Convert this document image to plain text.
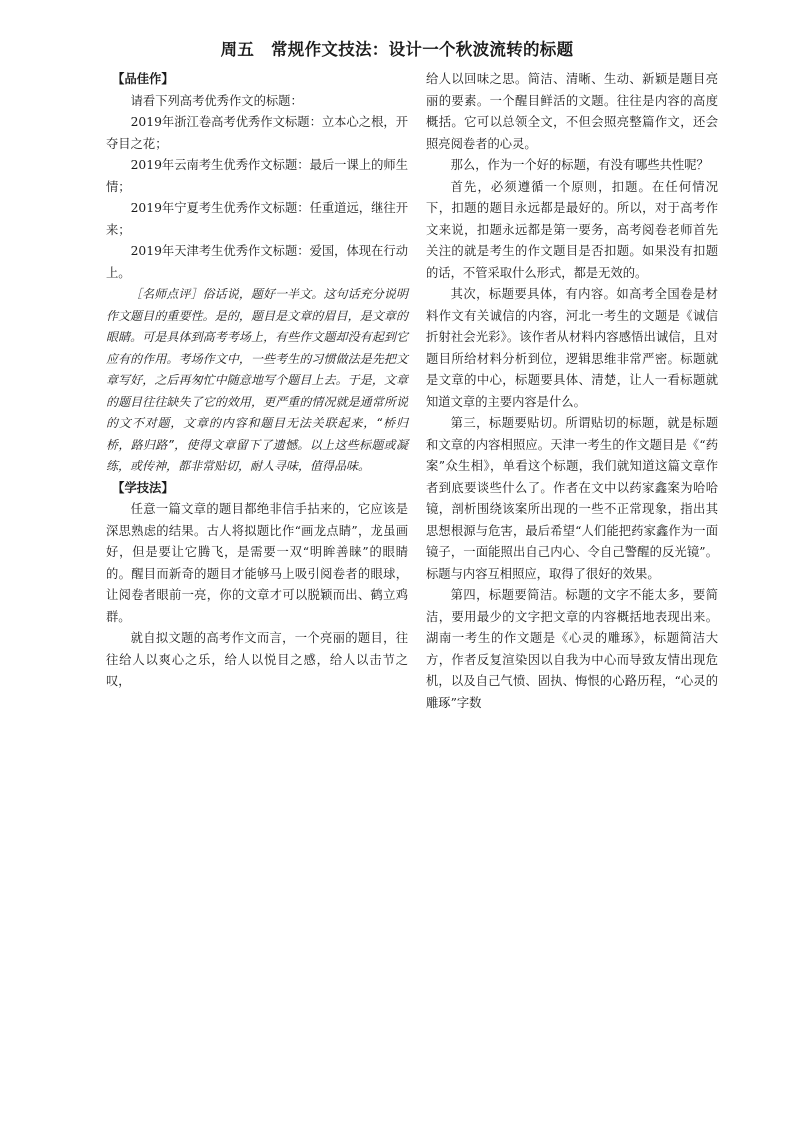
周五　常规作文技法：设计一个秋波流转的标题

【品佳作】

请看下列高考优秀作文的标题：

2019年浙江卷高考优秀作文标题：立本心之根，开夺目之花；

2019年云南考生优秀作文标题：最后一课上的师生情；

2019年宁夏考生优秀作文标题：任重道远，继往开来；

2019年天津考生优秀作文标题：爱国，体现在行动上。

［名师点评］俗话说，题好一半文。这句话充分说明作文题目的重要性。是的，题目是文章的眉目，是文章的眼睛。可是具体到高考考场上，有些作文题却没有起到它应有的作用。考场作文中，一些考生的习惯做法是先把文章写好，之后再匆忙中随意地写个题目上去。于是，文章的题目往往缺失了它的效用，更严重的情况就是通常所说的文不对题，文章的内容和题目无法关联起来，“桥归桥，路归路”，使得文章留下了遗憾。以上这些标题或凝练，或传神，都非常贴切，耐人寻味，值得品味。

【学技法】

任意一篇文章的题目都绝非信手拈来的，它应该是深思熟虑的结果。古人将拟题比作“画龙点睛”，龙虽画好，但是要让它腾飞，是需要一双“明眸善睐”的眼睛的。醒目而新奇的题目才能够马上吸引阅卷者的眼球，让阅卷者眼前一亮，你的文章才可以脱颖而出、鹤立鸡群。

就自拟文题的高考作文而言，一个亮丽的题目，往往给人以爽心之乐，给人以悦目之感，给人以击节之叹，

给人以回味之思。简洁、清晰、生动、新颖是题目亮丽的要素。一个醒目鲜活的文题。往往是内容的高度概括。它可以总领全文，不但会照亮整篇作文，还会照亮阅卷者的心灵。

那么，作为一个好的标题，有没有哪些共性呢？

首先，必须遵循一个原则，扣题。在任何情况下，扣题的题目永远都是最好的。所以，对于高考作文来说，扣题永远都是第一要务，高考阅卷老师首先关注的就是考生的作文题目是否扣题。如果没有扣题的话，不管采取什么形式，都是无效的。

其次，标题要具体，有内容。如高考全国卷是材料作文有关诚信的内容，河北一考生的文题是《诚信折射社会光彩》。该作者从材料内容感悟出诚信，且对题目所给材料分析到位，逻辑思维非常严密。标题就是文章的中心，标题要具体、清楚，让人一看标题就知道文章的主要内容是什么。

第三，标题要贴切。所谓贴切的标题，就是标题和文章的内容相照应。天津一考生的作文题目是《“药案”众生相》，单看这个标题，我们就知道这篇文章作者到底要谈些什么了。作者在文中以药家鑫案为哈哈镜，剖析围绕该案所出现的一些不正常现象，指出其思想根源与危害，最后希望“人们能把药家鑫作为一面镜子，一面能照出自己内心、令自己警醒的反光镜”。标题与内容互相照应，取得了很好的效果。

第四，标题要简洁。标题的文字不能太多，要简洁，要用最少的文字把文章的内容概括地表现出来。湖南一考生的作文题是《心灵的雕琢》，标题简洁大方，作者反复渲染因以自我为中心而导致友情出现危机，以及自己气愤、固执、悔恨的心路历程，“心灵的雕琢”字数
